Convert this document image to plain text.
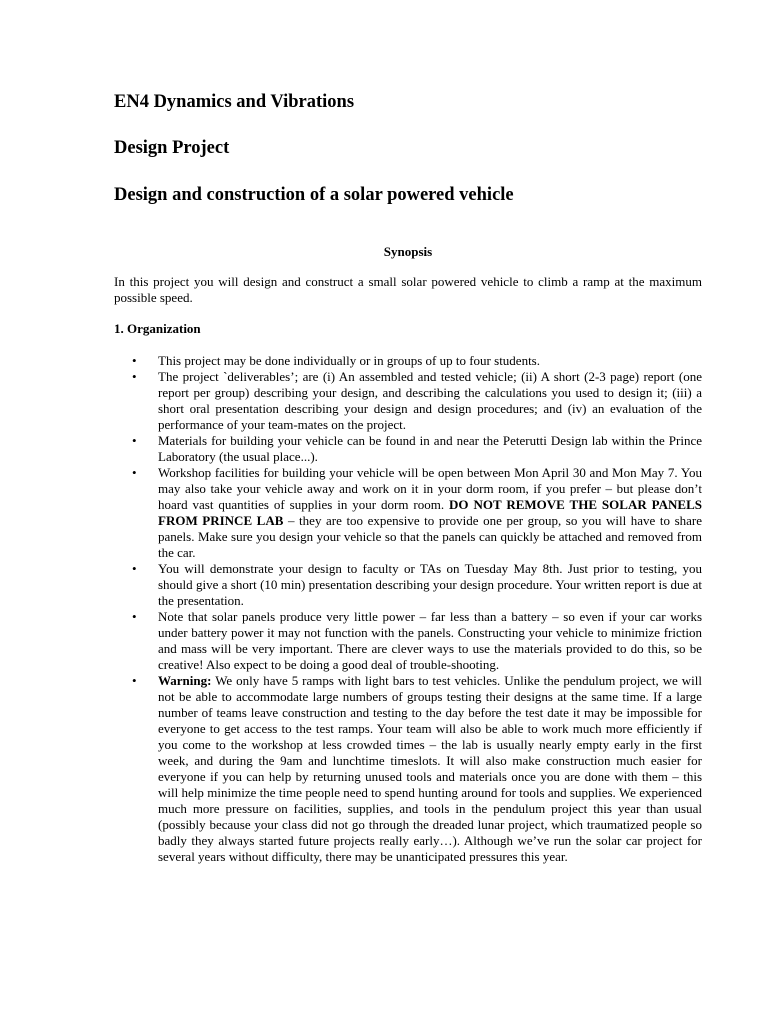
EN4 Dynamics and Vibrations
Design Project
Design and construction of a solar powered vehicle

Synopsis

In this project you will design and construct a small solar powered vehicle to climb a ramp at the maximum possible speed.

1. Organization

• This project may be done individually or in groups of up to four students.
• The project `deliverables’; are (i) An assembled and tested vehicle; (ii) A short (2-3 page) report (one report per group) describing your design, and describing the calculations you used to design it; (iii) a short oral presentation describing your design and design procedures; and (iv) an evaluation of the performance of your team-mates on the project.
• Materials for building your vehicle can be found in and near the Peterutti Design lab within the Prince Laboratory (the usual place...).
• Workshop facilities for building your vehicle will be open between Mon April 30 and Mon May 7. You may also take your vehicle away and work on it in your dorm room, if you prefer – but please don’t hoard vast quantities of supplies in your dorm room. DO NOT REMOVE THE SOLAR PANELS FROM PRINCE LAB – they are too expensive to provide one per group, so you will have to share panels. Make sure you design your vehicle so that the panels can quickly be attached and removed from the car.
• You will demonstrate your design to faculty or TAs on Tuesday May 8th. Just prior to testing, you should give a short (10 min) presentation describing your design procedure. Your written report is due at the presentation.
• Note that solar panels produce very little power – far less than a battery – so even if your car works under battery power it may not function with the panels. Constructing your vehicle to minimize friction and mass will be very important. There are clever ways to use the materials provided to do this, so be creative! Also expect to be doing a good deal of trouble-shooting.
• Warning: We only have 5 ramps with light bars to test vehicles. Unlike the pendulum project, we will not be able to accommodate large numbers of groups testing their designs at the same time. If a large number of teams leave construction and testing to the day before the test date it may be impossible for everyone to get access to the test ramps. Your team will also be able to work much more efficiently if you come to the workshop at less crowded times – the lab is usually nearly empty early in the first week, and during the 9am and lunchtime timeslots. It will also make construction much easier for everyone if you can help by returning unused tools and materials once you are done with them – this will help minimize the time people need to spend hunting around for tools and supplies. We experienced much more pressure on facilities, supplies, and tools in the pendulum project this year than usual (possibly because your class did not go through the dreaded lunar project, which traumatized people so badly they always started future projects really early…). Although we’ve run the solar car project for several years without difficulty, there may be unanticipated pressures this year.
